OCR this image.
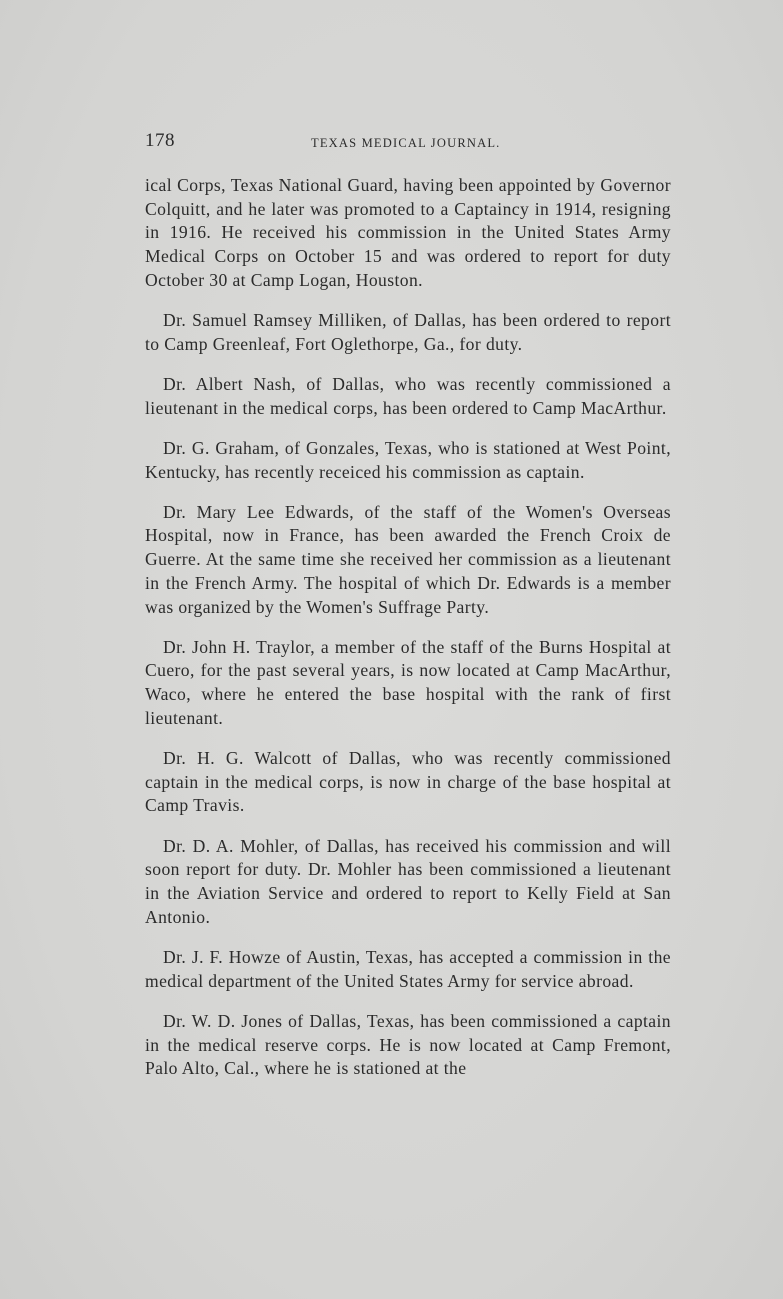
178	TEXAS MEDICAL JOURNAL.

ical Corps, Texas National Guard, having been appointed by Governor Colquitt, and he later was promoted to a Captaincy in 1914, resigning in 1916. He received his commission in the United States Army Medical Corps on October 15 and was ordered to report for duty October 30 at Camp Logan, Houston.

Dr. Samuel Ramsey Milliken, of Dallas, has been ordered to report to Camp Greenleaf, Fort Oglethorpe, Ga., for duty.

Dr. Albert Nash, of Dallas, who was recently commissioned a lieutenant in the medical corps, has been ordered to Camp MacArthur.

Dr. G. Graham, of Gonzales, Texas, who is stationed at West Point, Kentucky, has recently receiced his commission as captain.

Dr. Mary Lee Edwards, of the staff of the Women's Overseas Hospital, now in France, has been awarded the French Croix de Guerre. At the same time she received her commission as a lieutenant in the French Army. The hospital of which Dr. Edwards is a member was organized by the Women's Suffrage Party.

Dr. John H. Traylor, a member of the staff of the Burns Hospital at Cuero, for the past several years, is now located at Camp MacArthur, Waco, where he entered the base hospital with the rank of first lieutenant.

Dr. H. G. Walcott of Dallas, who was recently commissioned captain in the medical corps, is now in charge of the base hospital at Camp Travis.

Dr. D. A. Mohler, of Dallas, has received his commission and will soon report for duty. Dr. Mohler has been commissioned a lieutenant in the Aviation Service and ordered to report to Kelly Field at San Antonio.

Dr. J. F. Howze of Austin, Texas, has accepted a commission in the medical department of the United States Army for service abroad.

Dr. W. D. Jones of Dallas, Texas, has been commissioned a captain in the medical reserve corps. He is now located at Camp Fremont, Palo Alto, Cal., where he is stationed at the
